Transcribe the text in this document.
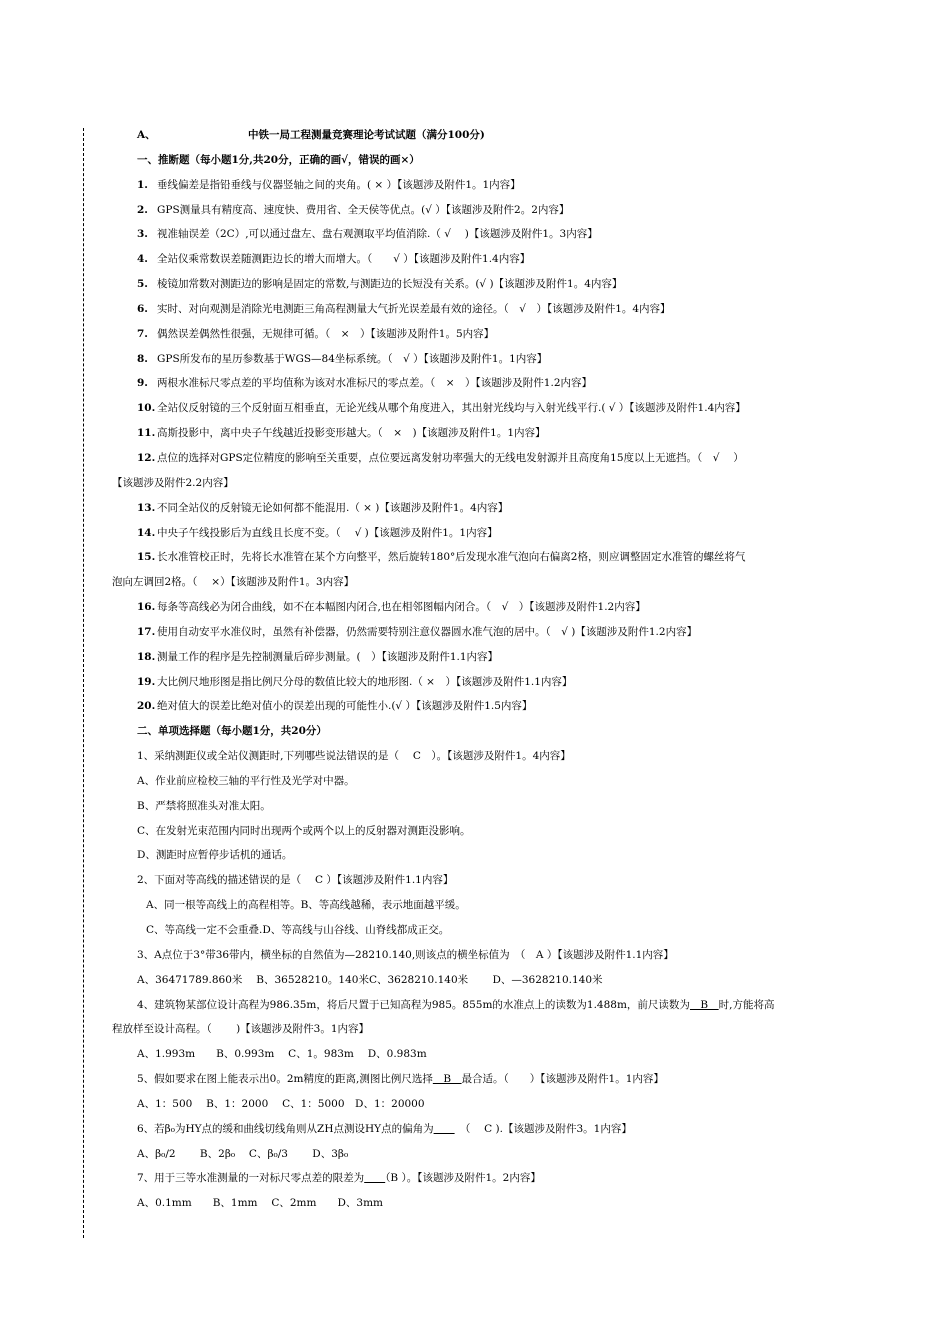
A、	中铁一局工程测量竞赛理论考试试题（满分100分)
一、推断题（每小题1分,共20分，正确的画√，错误的画×）
1. 垂线偏差是指铅垂线与仪器竖轴之间的夹角。( × ）【该题涉及附件1。1内容】
2. GPS测量具有精度高、速度快、费用省、全天侯等优点。(√ ）【该题涉及附件2。2内容】
3. 视准轴误差（2C）,可以通过盘左、盘右观测取平均值消除.（ √　 )【该题涉及附件1。3内容】
4. 全站仪乘常数误差随测距边长的增大而增大。（　　√ ）【该题涉及附件1.4内容】
5. 棱镜加常数对测距边的影响是固定的常数,与测距边的长短没有关系。(√ )【该题涉及附件1。4内容】
6. 实时、对向观测是消除光电测距三角高程测量大气折光误差最有效的途径。（　√　）【该题涉及附件1。4内容】
7. 偶然误差偶然性很强，无规律可循。（　×　）【该题涉及附件1。5内容】
8. GPS所发布的星历参数基于WGS—84坐标系统。（　√ ）【该题涉及附件1。1内容】
9. 两根水准标尺零点差的平均值称为该对水准标尺的零点差。（　×　）【该题涉及附件1.2内容】
10. 全站仪反射镜的三个反射面互相垂直，无论光线从哪个角度进入，其出射光线均与入射光线平行.( √ ）【该题涉及附件1.4内容】
11. 高斯投影中，离中央子午线越近投影变形越大。（　×　)【该题涉及附件1。1内容】
12. 点位的选择对GPS定位精度的影响至关重要，点位要远离发射功率强大的无线电发射源并且高度角15度以上无遮挡。（　√　 ）
【该题涉及附件2.2内容】
13. 不同全站仪的反射镜无论如何都不能混用.（ × )【该题涉及附件1。4内容】
14. 中央子午线投影后为直线且长度不变。（　 √ )【该题涉及附件1。1内容】
15. 长水准管校正时，先将长水准管在某个方向整平，然后旋转180°后发现水准气泡向右偏离2格，则应调整固定水准管的螺丝将气
泡向左调回2格。（　 ×）【该题涉及附件1。3内容】
16. 每条等高线必为闭合曲线，如不在本幅图内闭合,也在相邻图幅内闭合。（　√　）【该题涉及附件1.2内容】
17. 使用自动安平水准仪时，虽然有补偿器，仍然需要特别注意仪器圆水准气泡的居中。（　√ )【该题涉及附件1.2内容】
18. 测量工作的程序是先控制测量后碎步测量。(　）【该题涉及附件1.1内容】
19. 大比例尺地形图是指比例尺分母的数值比较大的地形图.（ ×　）【该题涉及附件1.1内容】
20. 绝对值大的误差比绝对值小的误差出现的可能性小.(√ ）【该题涉及附件1.5内容】
二、单项选择题（每小题1分，共20分）
1、采纳测距仪或全站仪测距时,下列哪些说法错误的是（　 C　）。【该题涉及附件1。4内容】
A、作业前应检校三轴的平行性及光学对中器。
B、严禁将照准头对准太阳。
C、在发射光束范围内同时出现两个或两个以上的反射器对测距没影响。
D、测距时应暂停步话机的通话。
2、下面对等高线的描述错误的是（　 C ）【该题涉及附件1.1内容】
A、同一根等高线上的高程相等。B、等高线越稀，表示地面越平缓。
C、等高线一定不会重叠.D、等高线与山谷线、山脊线都成正交。
3、A点位于3°带36带内，横坐标的自然值为—28210.140,则该点的横坐标值为　（　A ）【该题涉及附件1.1内容】
A、36471789.860米　 B、36528210。140米C、3628210.140米　　 D、—3628210.140米
4、建筑物某部位设计高程为986.35m，将后尺置于已知高程为985。855m的水准点上的读数为1.488m，前尺读数为　B　时,方能将高
程放样至设计高程。（　　 )【该题涉及附件3。1内容】
A、1.993m　　B、0.993m　 C、1。983m　 D、0.983m
5、假如要求在图上能表示出0。2m精度的距离,测图比例尺选择　B　最合适。（　　）【该题涉及附件1。1内容】
A、1：500　 B、1：2000　 C、1：5000　D、1：20000
6、若β₀为HY点的缓和曲线切线角则从ZH点测设HY点的偏角为　　　（　 C ).【该题涉及附件3。1内容】
A、β₀/2　　 B、2β₀　 C、β₀/3　　 D、3β₀
7、用于三等水准测量的一对标尺零点差的限差为　　 （B ）。【该题涉及附件1。2内容】
A、0.1mm　　B、1mm　 C、2mm　　D、3mm
